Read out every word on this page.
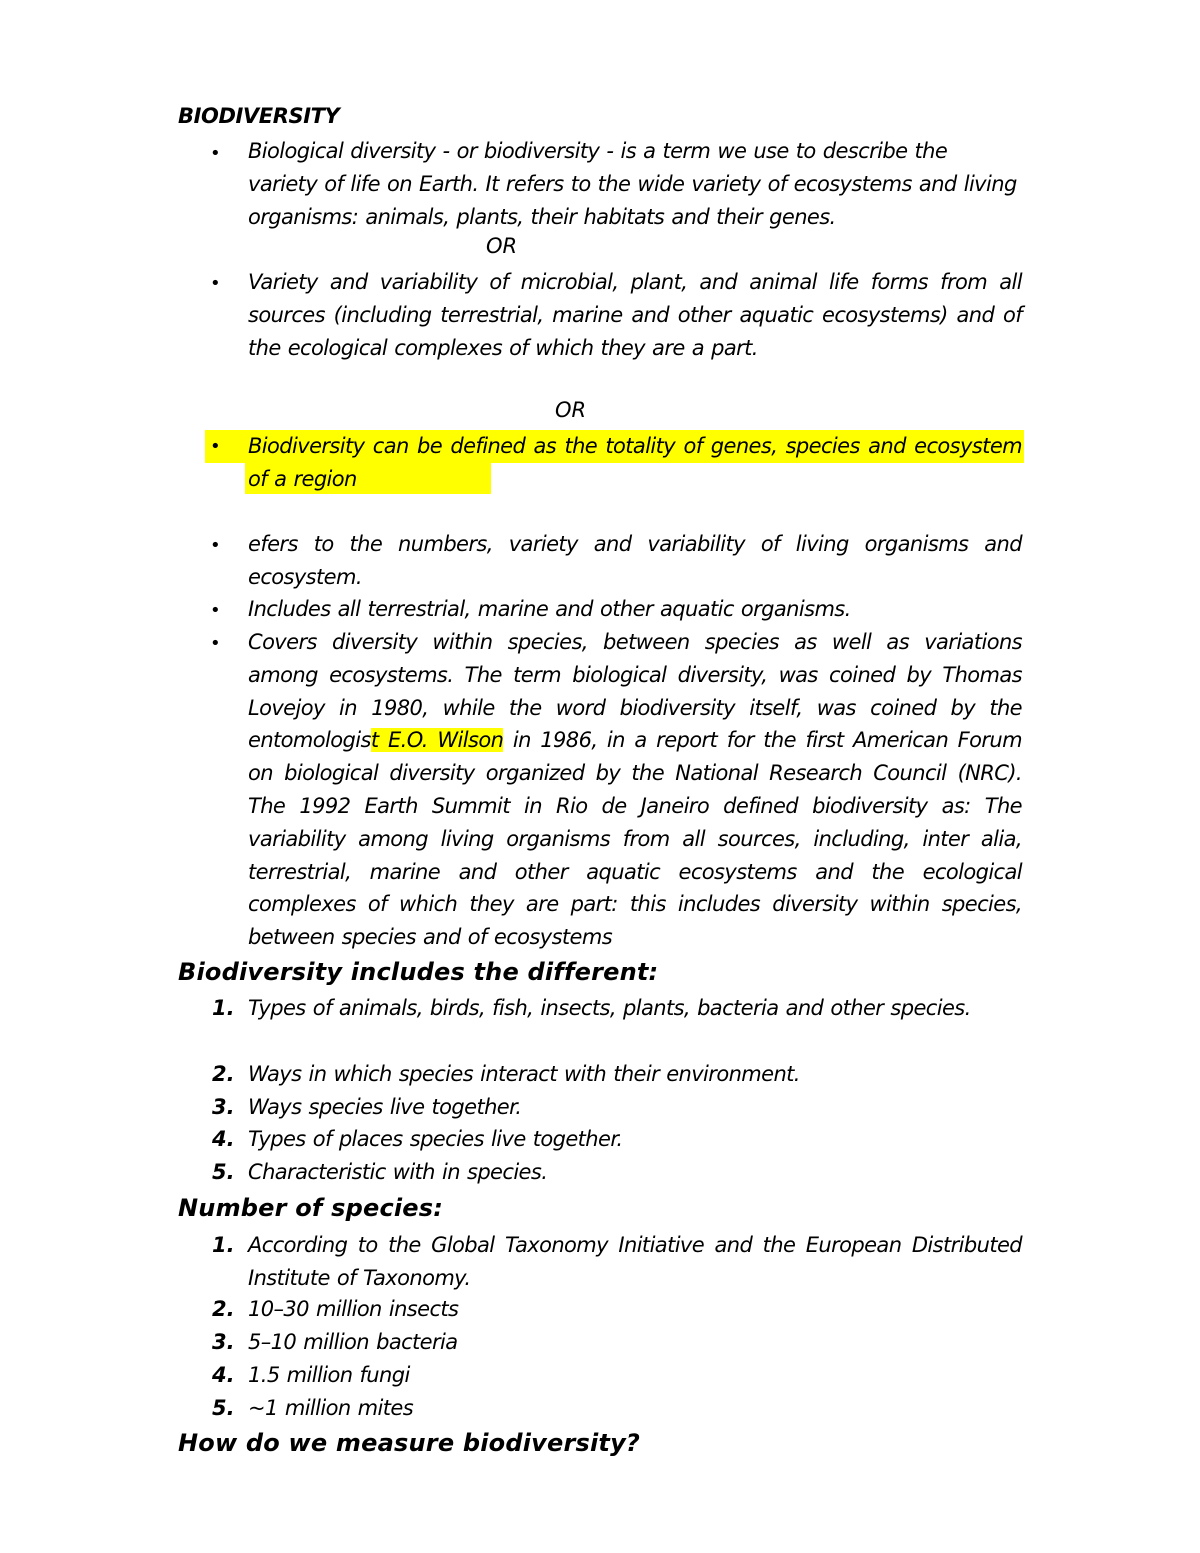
BIODIVERSITY
• Biological diversity - or biodiversity - is a term we use to describe the variety of life on Earth. It refers to the wide variety of ecosystems and living organisms: animals, plants, their habitats and their genes.
OR
• Variety and variability of microbial, plant, and animal life forms from all sources (including terrestrial, marine and other aquatic ecosystems) and of the ecological complexes of which they are a part.
OR
• Biodiversity can be defined as the totality of genes, species and ecosystem of a region
• efers to the numbers, variety and variability of living organisms and ecosystem.
• Includes all terrestrial, marine and other aquatic organisms.
• Covers diversity within species, between species as well as variations among ecosystems. The term biological diversity, was coined by Thomas Lovejoy in 1980, while the word biodiversity itself, was coined by the entomologist E.O. Wilson in 1986, in a report for the first American Forum on biological diversity organized by the National Research Council (NRC). The 1992 Earth Summit in Rio de Janeiro defined biodiversity as: The variability among living organisms from all sources, including, inter alia, terrestrial, marine and other aquatic ecosystems and the ecological complexes of which they are part: this includes diversity within species, between species and of ecosystems
Biodiversity includes the different:
1. Types of animals, birds, fish, insects, plants, bacteria and other species.
2. Ways in which species interact with their environment.
3. Ways species live together.
4. Types of places species live together.
5. Characteristic with in species.
Number of species:
1. According to the Global Taxonomy Initiative and the European Distributed Institute of Taxonomy.
2. 10–30 million insects
3. 5–10 million bacteria
4. 1.5 million fungi
5. ~1 million mites
How do we measure biodiversity?
